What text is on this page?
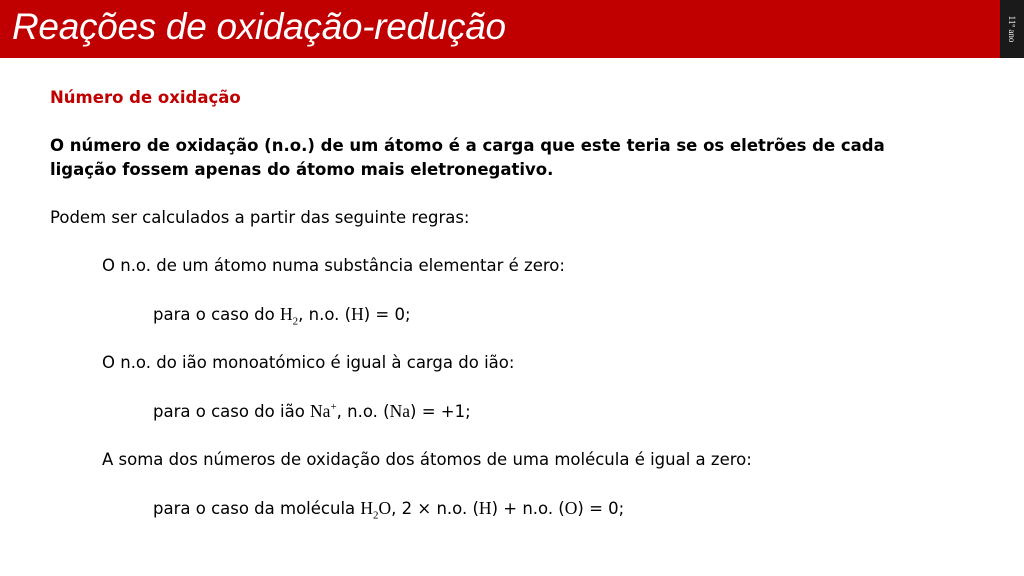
Reações de oxidação-redução	11º ano

Número de oxidação

O número de oxidação (n.o.) de um átomo é a carga que este teria se os eletrões de cada
ligação fossem apenas do átomo mais eletronegativo.

Podem ser calculados a partir das seguinte regras:

O n.o. de um átomo numa substância elementar é zero:

para o caso do $H_2$, n.o. (H) = 0;

O n.o. do ião monoatómico é igual à carga do ião:

para o caso do ião Na+, n.o. (Na) = +1;

A soma dos números de oxidação dos átomos de uma molécula é igual a zero:

para o caso da molécula $H_2O$, 2 × n.o. (H) + n.o. (O) = 0;
